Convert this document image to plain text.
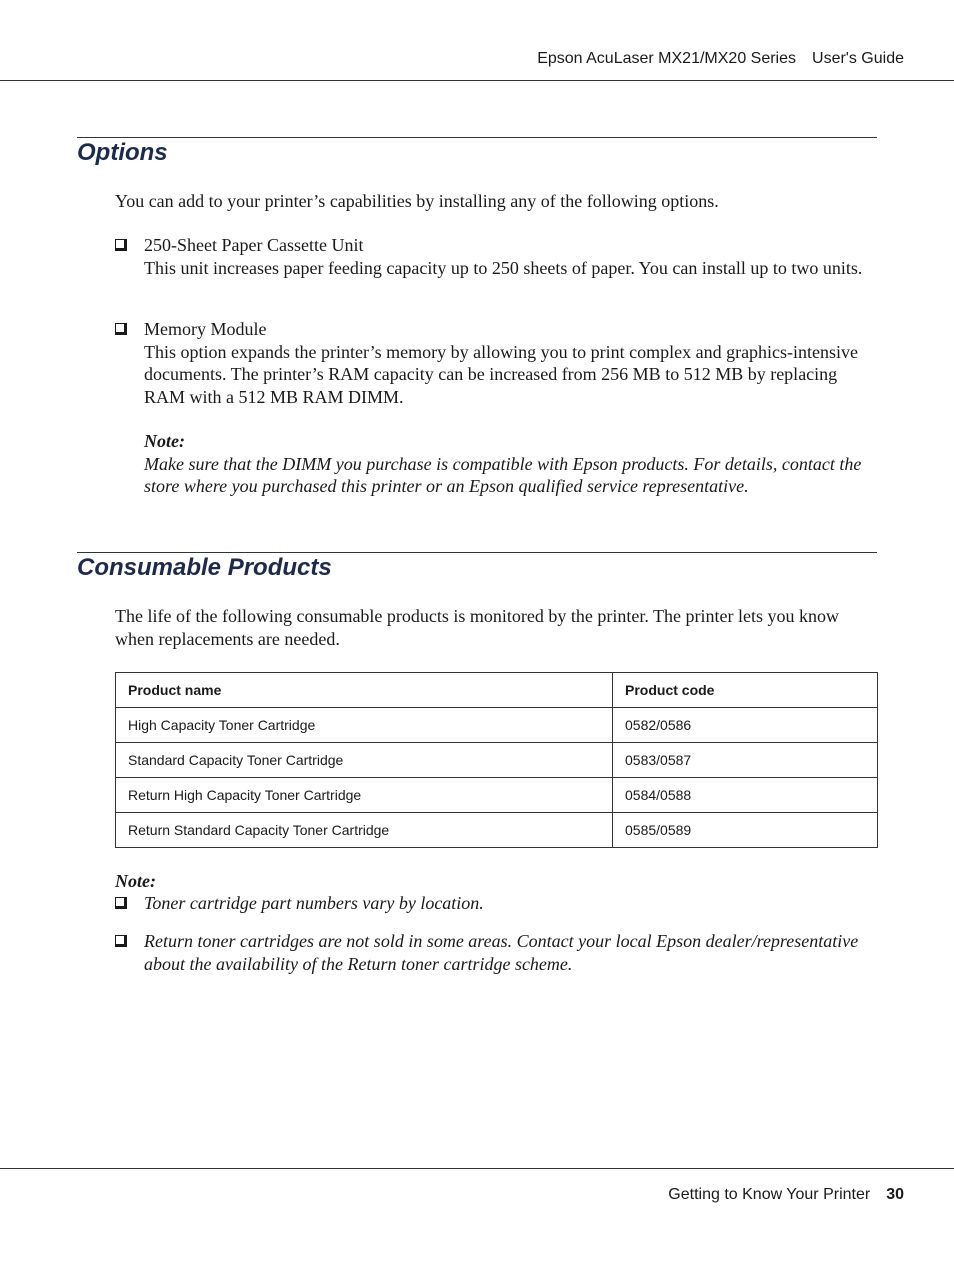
Epson AcuLaser MX21/MX20 Series User's Guide
Options
You can add to your printer’s capabilities by installing any of the following options.
250-Sheet Paper Cassette Unit
This unit increases paper feeding capacity up to 250 sheets of paper. You can install up to two units.
Memory Module
This option expands the printer’s memory by allowing you to print complex and graphics-intensive documents. The printer’s RAM capacity can be increased from 256 MB to 512 MB by replacing RAM with a 512 MB RAM DIMM.
Note:
Make sure that the DIMM you purchase is compatible with Epson products. For details, contact the store where you purchased this printer or an Epson qualified service representative.
Consumable Products
The life of the following consumable products is monitored by the printer. The printer lets you know when replacements are needed.
Product name	Product code
High Capacity Toner Cartridge	0582/0586
Standard Capacity Toner Cartridge	0583/0587
Return High Capacity Toner Cartridge	0584/0588
Return Standard Capacity Toner Cartridge	0585/0589
Note:
Toner cartridge part numbers vary by location.
Return toner cartridges are not sold in some areas. Contact your local Epson dealer/representative about the availability of the Return toner cartridge scheme.
Getting to Know Your Printer 30
